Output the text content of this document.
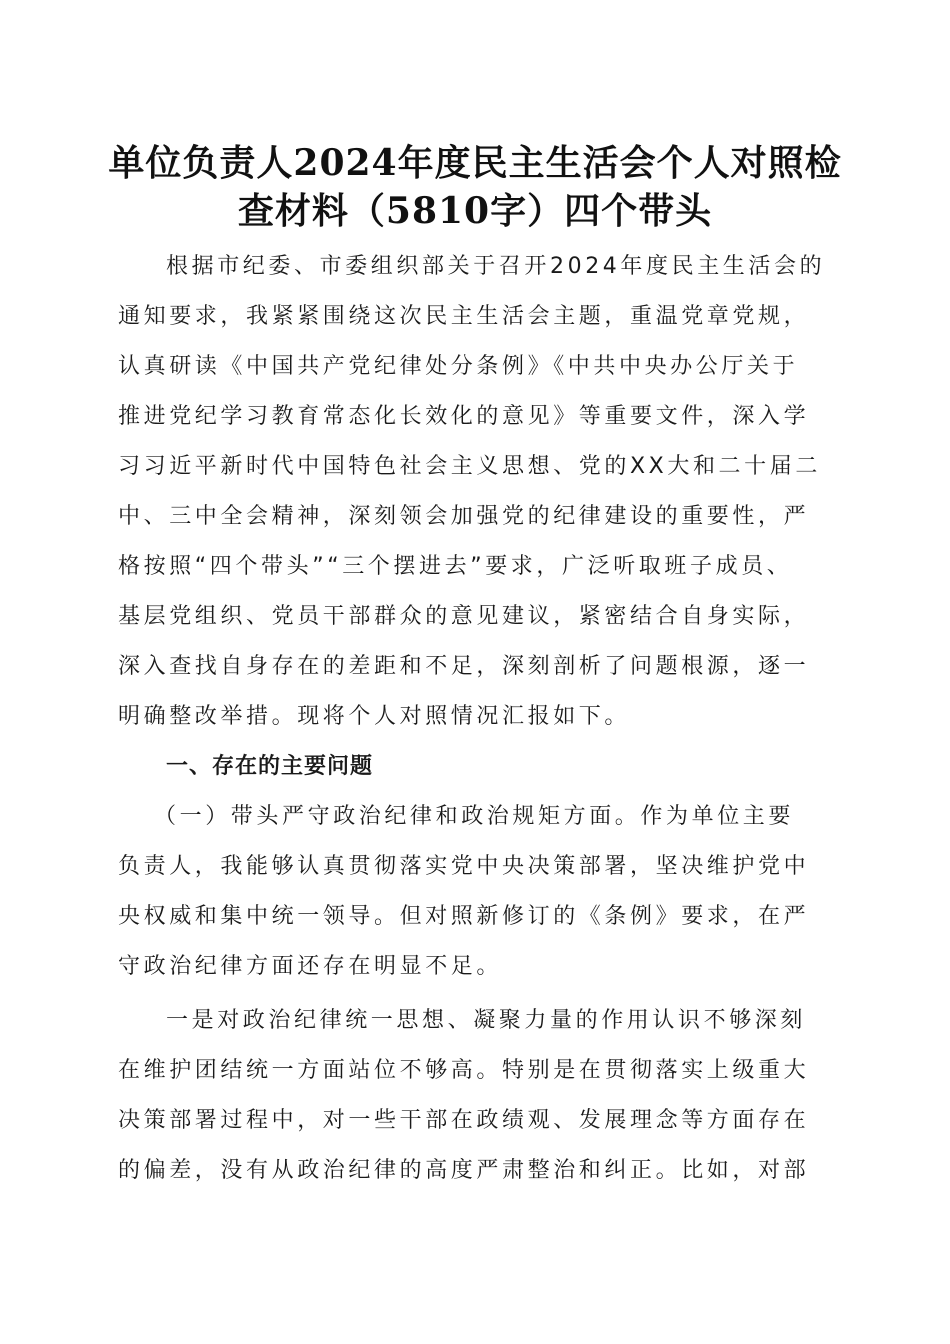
单位负责人2024年度民主生活会个人对照检
查材料（5810字）四个带头
根据市纪委、市委组织部关于召开2024年度民主生活会的
通知要求，我紧紧围绕这次民主生活会主题，重温党章党规，
认真研读《中国共产党纪律处分条例》《中共中央办公厅关于
推进党纪学习教育常态化长效化的意见》等重要文件，深入学
习习近平新时代中国特色社会主义思想、党的XX大和二十届二
中、三中全会精神，深刻领会加强党的纪律建设的重要性，严
格按照“四个带头”“三个摆进去”要求，广泛听取班子成员、
基层党组织、党员干部群众的意见建议，紧密结合自身实际，
深入查找自身存在的差距和不足，深刻剖析了问题根源，逐一
明确整改举措。现将个人对照情况汇报如下。
一、存在的主要问题
（一）带头严守政治纪律和政治规矩方面。作为单位主要
负责人，我能够认真贯彻落实党中央决策部署，坚决维护党中
央权威和集中统一领导。但对照新修订的《条例》要求，在严
守政治纪律方面还存在明显不足。
一是对政治纪律统一思想、凝聚力量的作用认识不够深刻
在维护团结统一方面站位不够高。特别是在贯彻落实上级重大
决策部署过程中，对一些干部在政绩观、发展理念等方面存在
的偏差，没有从政治纪律的高度严肃整治和纠正。比如，对部
